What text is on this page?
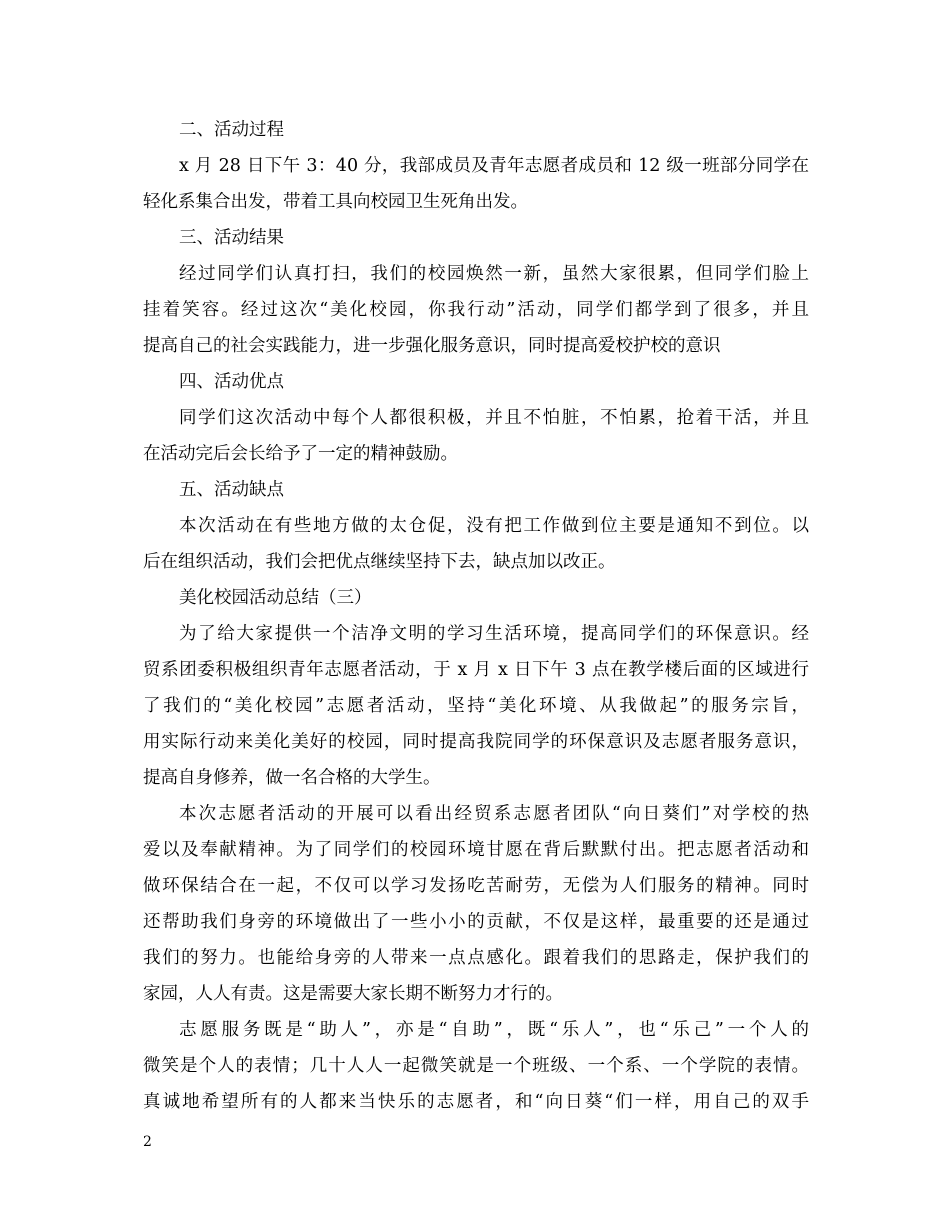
二、活动过程
x 月 28 日下午 3：40 分，我部成员及青年志愿者成员和 12 级一班部分同学在
轻化系集合出发，带着工具向校园卫生死角出发。
三、活动结果
经过同学们认真打扫，我们的校园焕然一新，虽然大家很累，但同学们脸上
挂着笑容。经过这次“美化校园，你我行动”活动，同学们都学到了很多，并且
提高自己的社会实践能力，进一步强化服务意识，同时提高爱校护校的意识
四、活动优点
同学们这次活动中每个人都很积极，并且不怕脏，不怕累，抢着干活，并且
在活动完后会长给予了一定的精神鼓励。
五、活动缺点
本次活动在有些地方做的太仓促，没有把工作做到位主要是通知不到位。以
后在组织活动，我们会把优点继续坚持下去，缺点加以改正。
美化校园活动总结（三）
为了给大家提供一个洁净文明的学习生活环境，提高同学们的环保意识。经
贸系团委积极组织青年志愿者活动，于 x 月 x 日下午 3 点在教学楼后面的区域进行
了我们的“美化校园”志愿者活动，坚持“美化环境、从我做起”的服务宗旨，
用实际行动来美化美好的校园，同时提高我院同学的环保意识及志愿者服务意识，
提高自身修养，做一名合格的大学生。
本次志愿者活动的开展可以看出经贸系志愿者团队“向日葵们”对学校的热
爱以及奉献精神。为了同学们的校园环境甘愿在背后默默付出。把志愿者活动和
做环保结合在一起，不仅可以学习发扬吃苦耐劳，无偿为人们服务的精神。同时
还帮助我们身旁的环境做出了一些小小的贡献，不仅是这样，最重要的还是通过
我们的努力。也能给身旁的人带来一点点感化。跟着我们的思路走，保护我们的
家园，人人有责。这是需要大家长期不断努力才行的。
志愿服务既是“助人”，亦是“自助”，既“乐人”，也“乐己”一个人的
微笑是个人的表情；几十人人一起微笑就是一个班级、一个系、一个学院的表情。
真诚地希望所有的人都来当快乐的志愿者，和“向日葵“们一样，用自己的双手
2
